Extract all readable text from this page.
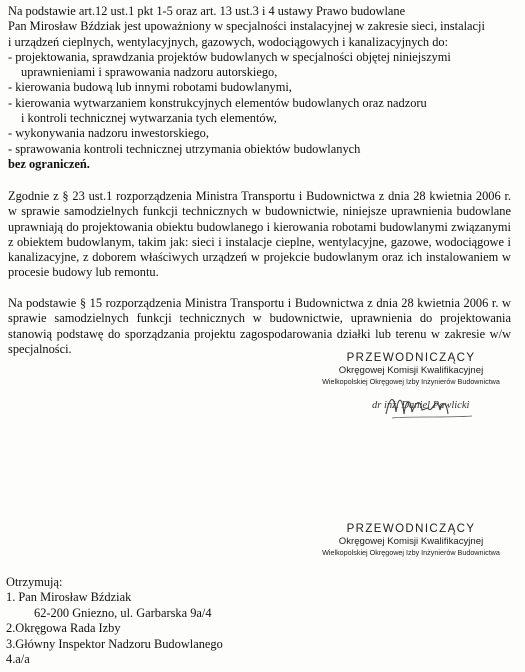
Na podstawie art.12 ust.1 pkt 1-5 oraz art. 13 ust.3 i 4 ustawy Prawo budowlane

Pan Mirosław Bździak jest upoważniony w specjalności instalacyjnej w zakresie sieci, instalacji

i urządzeń cieplnych, wentylacyjnych, gazowych, wodociągowych i kanalizacyjnych do:

- projektowania, sprawdzania projektów budowlanych w specjalności objętej niniejszymi

uprawnieniami i sprawowania nadzoru autorskiego,

- kierowania budową lub innymi robotami budowlanymi,

- kierowania wytwarzaniem konstrukcyjnych elementów budowlanych oraz nadzoru

i kontroli technicznej wytwarzania tych elementów,

- wykonywania nadzoru inwestorskiego,

- sprawowania kontroli technicznej utrzymania obiektów budowlanych

bez ograniczeń.

Zgodnie z § 23 ust.1 rozporządzenia Ministra Transportu i Budownictwa z dnia 28 kwietnia 2006 r. w sprawie samodzielnych funkcji technicznych w budownictwie, niniejsze uprawnienia budowlane uprawniają do projektowania obiektu budowlanego i kierowania robotami budowlanymi związanymi z obiektem budowlanym, takim jak: sieci i instalacje cieplne, wentylacyjne, gazowe, wodociągowe i kanalizacyjne, z doborem właściwych urządzeń w projekcie budowlanym oraz ich instalowaniem w procesie budowy lub remontu.
Na podstawie § 15 rozporządzenia Ministra Transportu i Budownictwa z dnia 28 kwietnia 2006 r. w sprawie samodzielnych funkcji technicznych w budownictwie, uprawnienia do projektowania stanowią podstawę do sporządzania projektu zagospodarowania działki lub terenu w zakresie w/w specjalności.
PRZEWODNICZĄCY
Okręgowej Komisji Kwalifikacyjnej
Wielkopolskiej Okręgowej Izby Inżynierów Budownictwa
dr inż. Daniel Pawlicki
PRZEWODNICZĄCY
Okręgowej Komisji Kwalifikacyjnej
Wielkopolskiej Okręgowej Izby Inżynierów Budownictwa
Otrzymują:
1. Pan Mirosław Bździak
62-200 Gniezno, ul. Garbarska 9a/4
2.Okręgowa Rada Izby
3.Główny Inspektor Nadzoru Budowlanego
4.a/a
